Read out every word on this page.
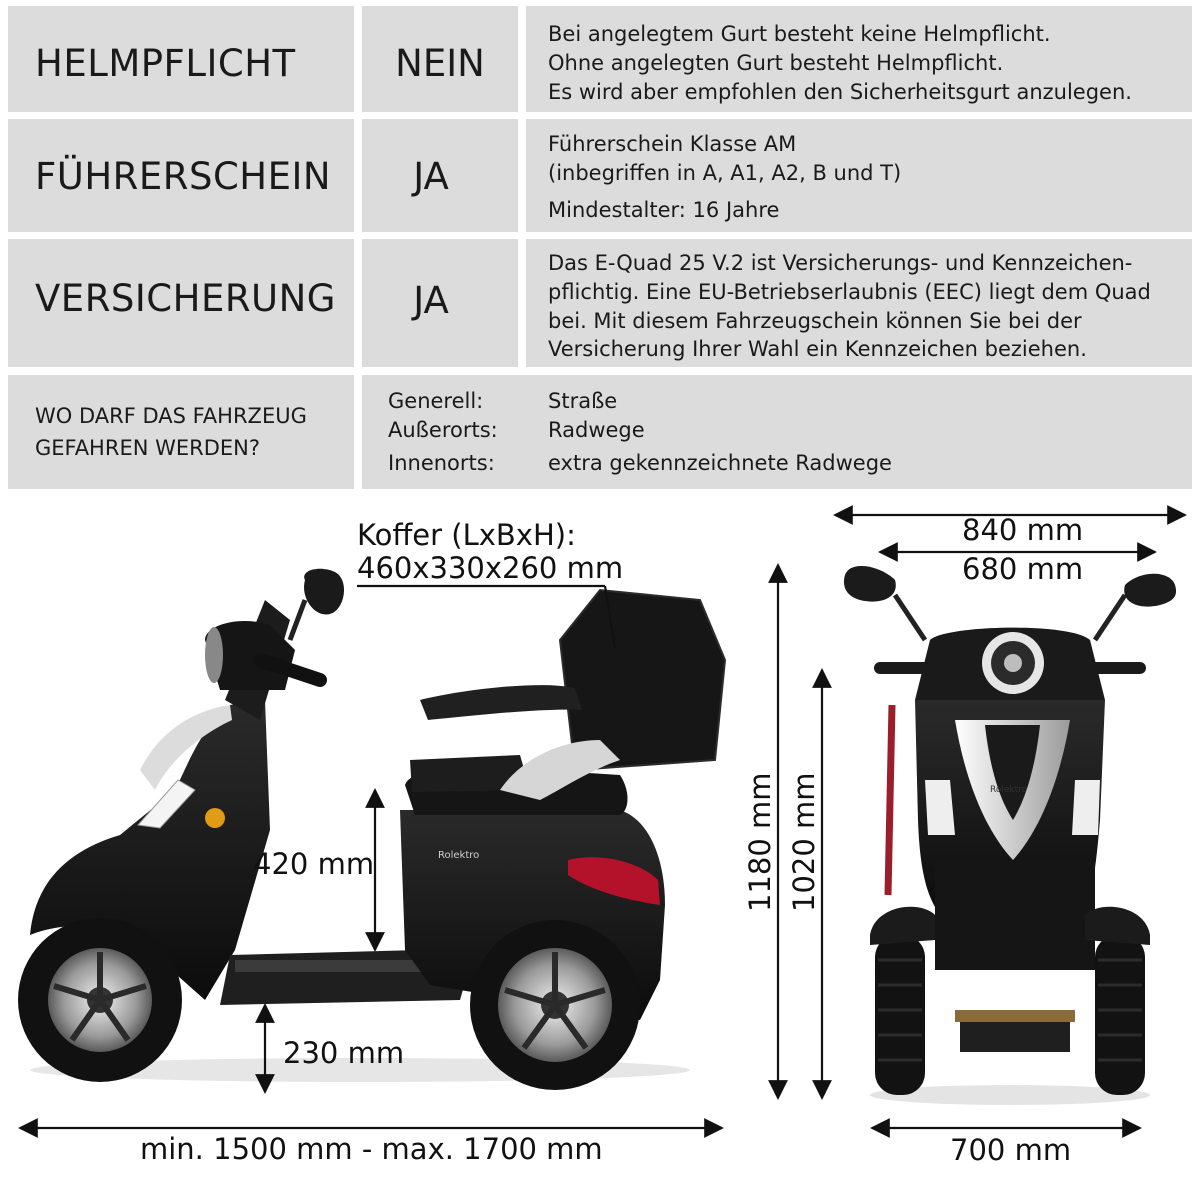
HELMPFLICHT	NEIN
Bei angelegtem Gurt besteht keine Helmpflicht.
Ohne angelegten Gurt besteht Helmpflicht.
Es wird aber empfohlen den Sicherheitsgurt anzulegen.
FÜHRERSCHEIN	JA
Führerschein Klasse AM
(inbegriffen in A, A1, A2, B und T)
Mindestalter: 16 Jahre
VERSICHERUNG	JA
Das E-Quad 25 V.2 ist Versicherungs- und Kennzeichen-
pflichtig. Eine EU-Betriebserlaubnis (EEC) liegt dem Quad
bei. Mit diesem Fahrzeugschein können Sie bei der
Versicherung Ihrer Wahl ein Kennzeichen beziehen.
WO DARF DAS FAHRZEUG
GEFAHREN WERDEN?
Generell:	Straße
Außerorts: Radwege
Innenorts:	extra gekennzeichnete Radwege
Rolektro
Rolektro
Koffer (LxBxH):
460x330x260 mm
420 mm
230 mm
min. 1500 mm - max. 1700 mm
840 mm
680 mm
700 mm
1180 mm 1020 mm
